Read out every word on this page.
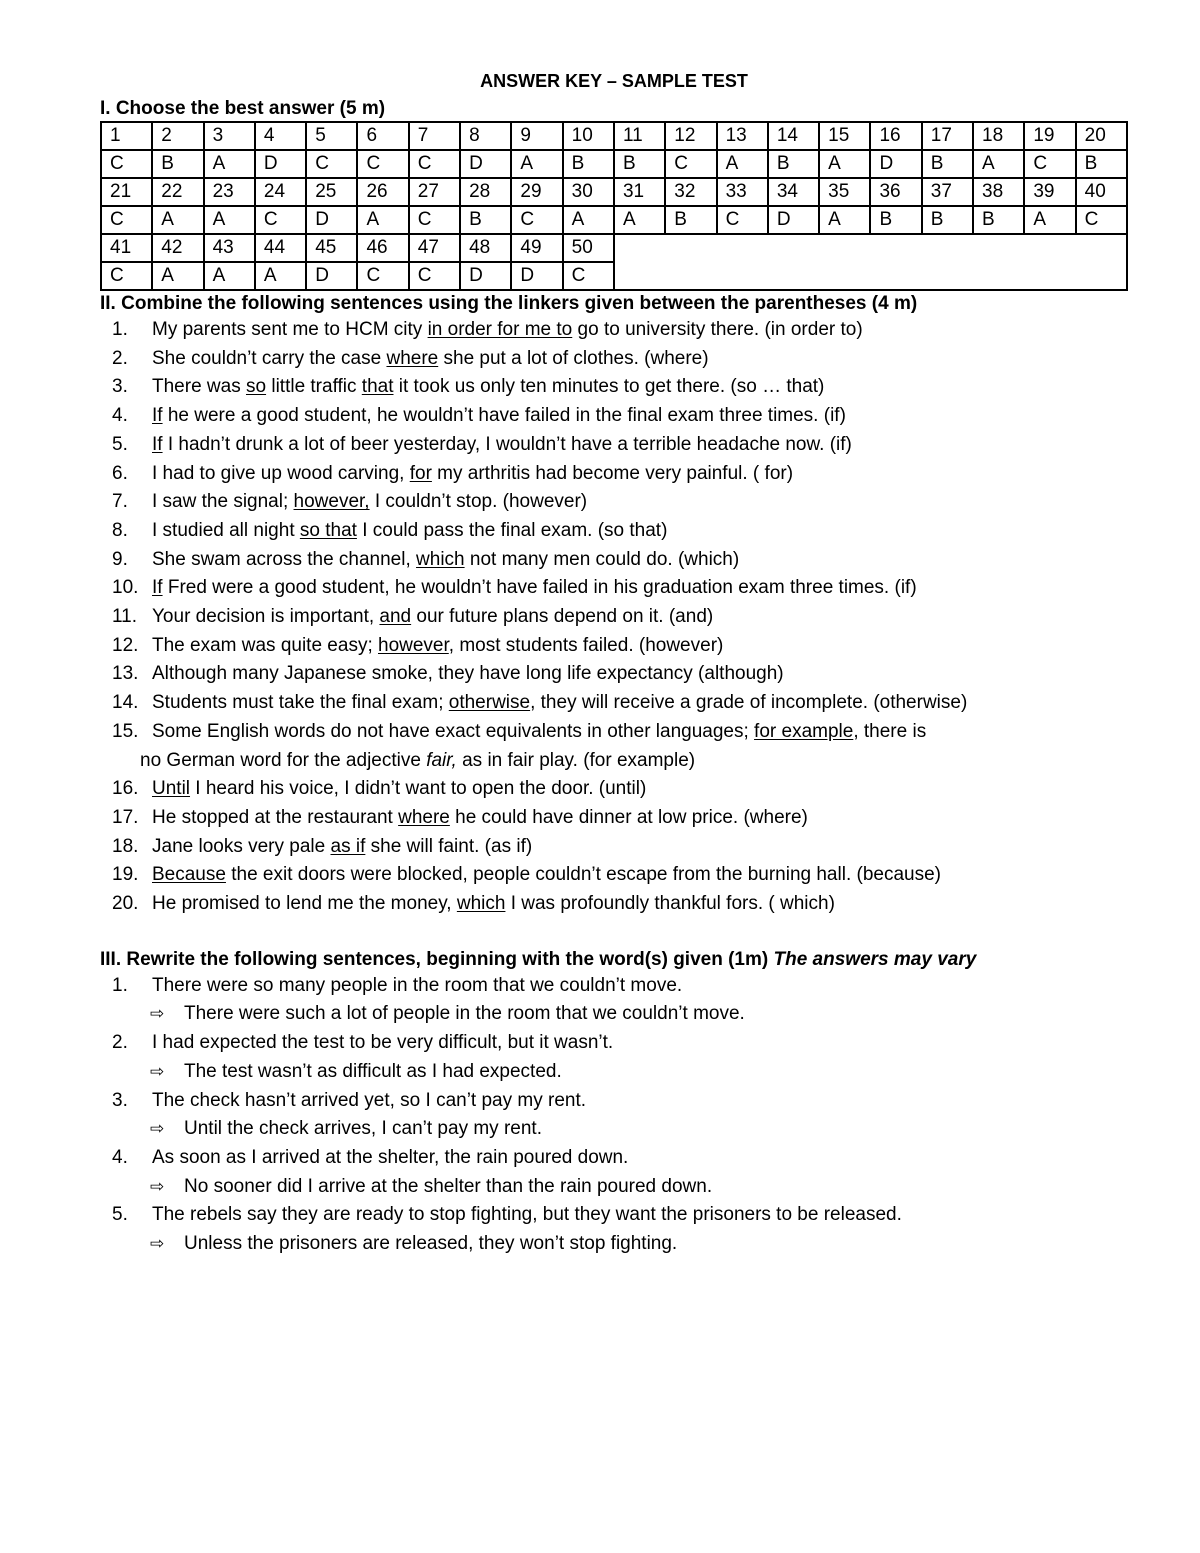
ANSWER KEY – SAMPLE TEST
I. Choose the best answer (5 m)
1	2	3	4	5	6	7	8	9	10	11	12	13	14	15	16	17	18	19	20
C	B	A	D	C	C	C	D	A	B	B	C	A	B	A	D	B	A	C	B
21	22	23	24	25	26	27	28	29	30	31	32	33	34	35	36	37	38	39	40
C	A	A	C	D	A	C	B	C	A	A	B	C	D	A	B	B	B	A	C
41	42	43	44	45	46	47	48	49	50										
C	A	A	A	D	C	C	D	D	C										
II. Combine the following sentences using the linkers given between the parentheses (4 m)
1.	My parents sent me to HCM city in order for me to go to university there. (in order to)
2.	She couldn’t carry the case where she put a lot of clothes. (where)
3.	There was so little traffic that it took us only ten minutes to get there. (so … that)
4.	If he were a good student, he wouldn’t have failed in the final exam three times. (if)
5.	If I hadn’t drunk a lot of beer yesterday, I wouldn’t have a terrible headache now. (if)
6.	I had to give up wood carving, for my arthritis had become very painful. ( for)
7.	I saw the signal; however, I couldn’t stop. (however)
8.	I studied all night so that I could pass the final exam. (so that)
9.	She swam across the channel, which not many men could do. (which)
10. If Fred were a good student, he wouldn’t have failed in his graduation exam three times. (if)
11. Your decision is important, and our future plans depend on it. (and)
12. The exam was quite easy; however, most students failed. (however)
13. Although many Japanese smoke, they have long life expectancy (although)
14. Students must take the final exam; otherwise, they will receive a grade of incomplete. (otherwise)
15. Some English words do not have exact equivalents in other languages; for example, there is
no German word for the adjective fair, as in fair play. (for example)
16. Until I heard his voice, I didn’t want to open the door. (until)
17. He stopped at the restaurant where he could have dinner at low price. (where)
18. Jane looks very pale as if she will faint. (as if)
19. Because the exit doors were blocked, people couldn’t escape from the burning hall. (because)
20. He promised to lend me the money, which I was profoundly thankful fors. ( which)
III. Rewrite the following sentences, beginning with the word(s) given (1m) The answers may vary
1.	There were so many people in the room that we couldn’t move.
⇨	There were such a lot of people in the room that we couldn’t move.
2.	I had expected the test to be very difficult, but it wasn’t.
⇨	The test wasn’t as difficult as I had expected.
3.	The check hasn’t arrived yet, so I can’t pay my rent.
⇨	Until the check arrives, I can’t pay my rent.
4.	As soon as I arrived at the shelter, the rain poured down.
⇨	No sooner did I arrive at the shelter than the rain poured down.
5.	The rebels say they are ready to stop fighting, but they want the prisoners to be released.
⇨	Unless the prisoners are released, they won’t stop fighting.
